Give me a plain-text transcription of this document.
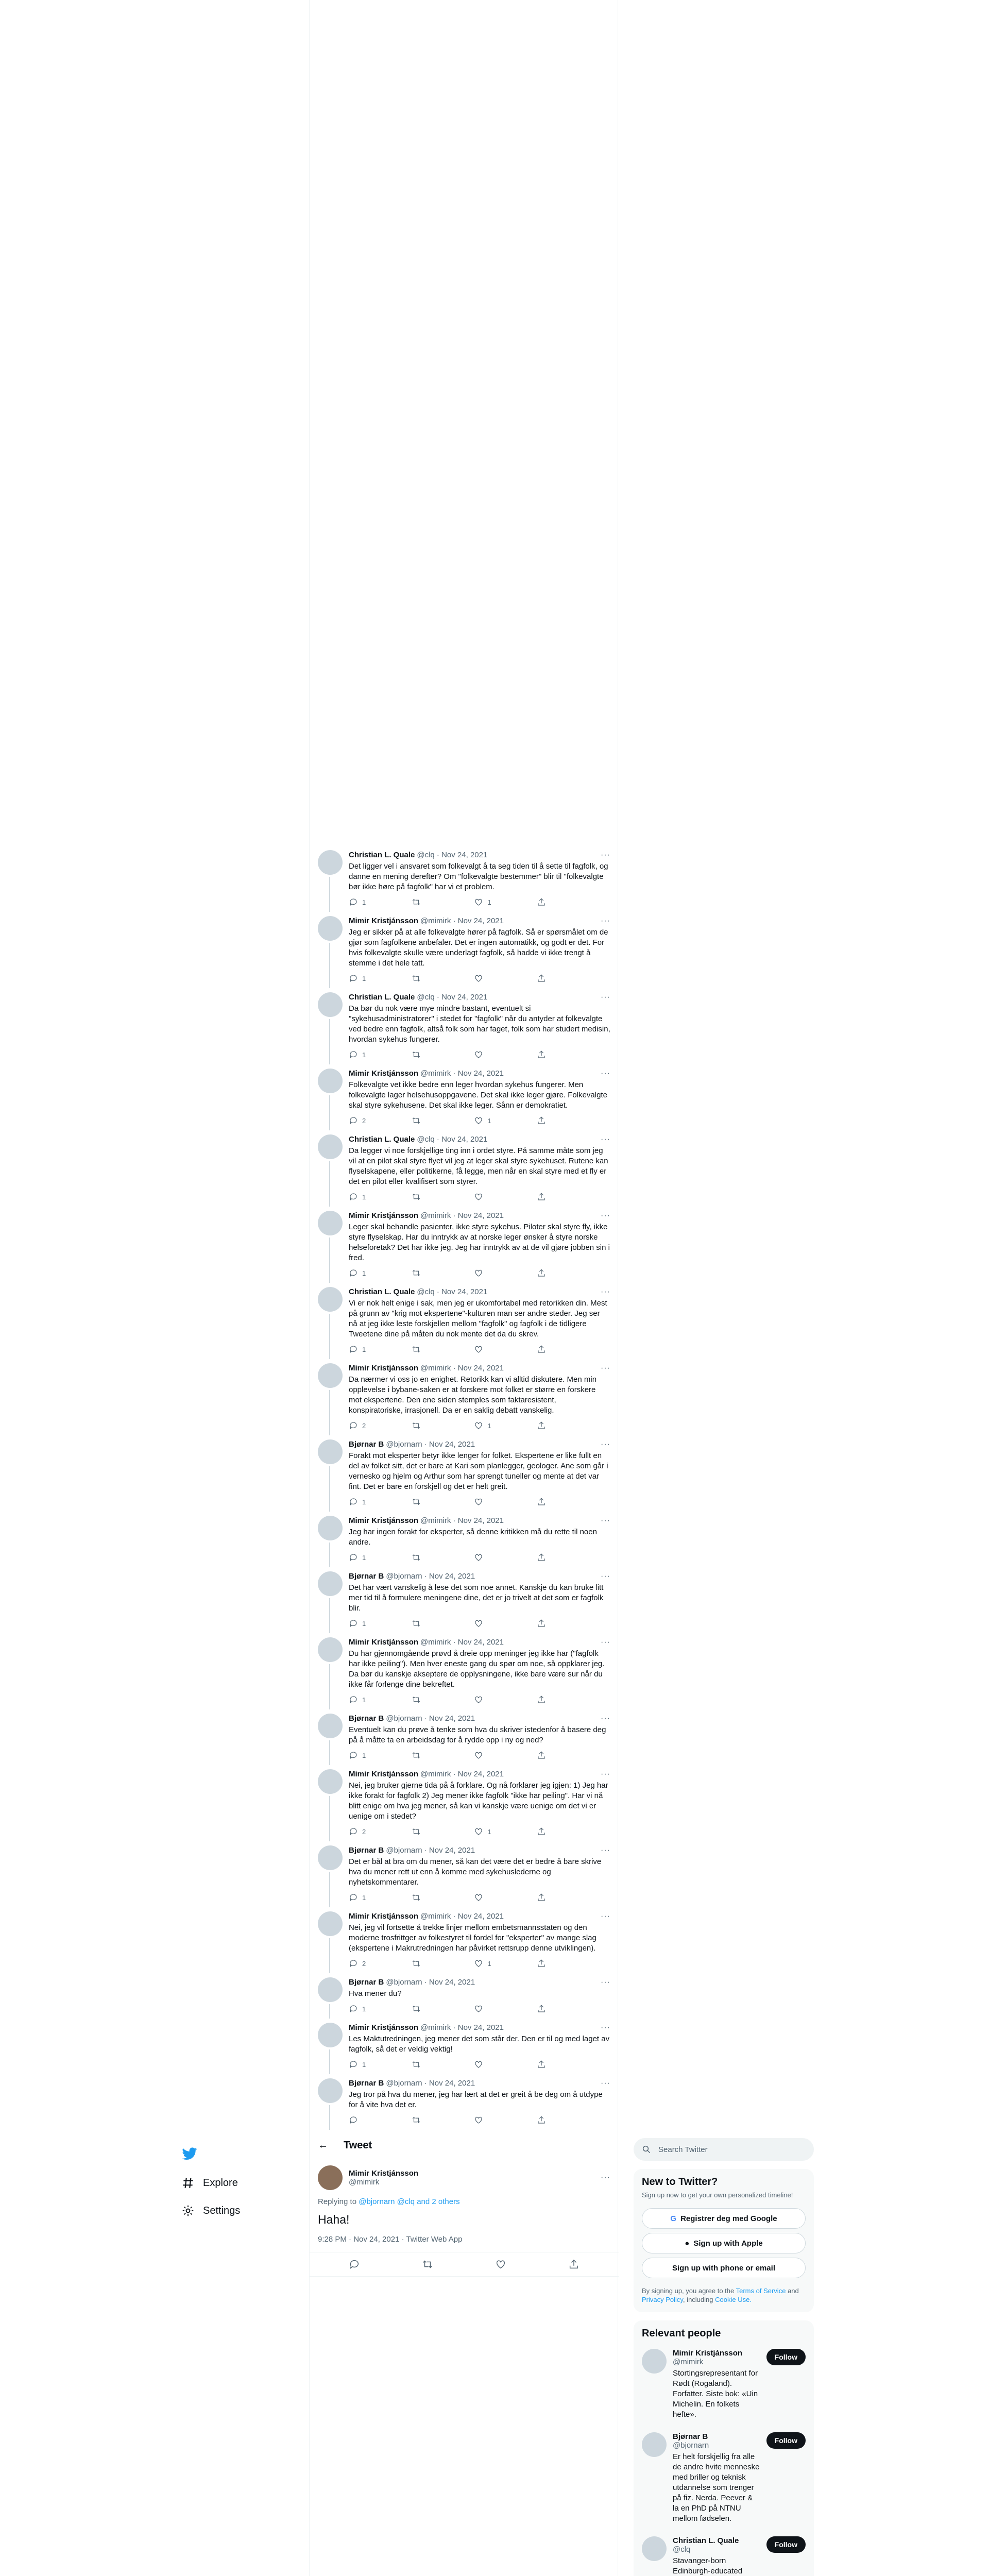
Explore
Settings
Christian L. Quale @clq · Nov 24, 2021	···
Det ligger vel i ansvaret som folkevalgt å ta seg tiden til å sette til fagfolk, og danne en mening derefter? Om "folkevalgte bestemmer" blir til "folkevalgte bør ikke høre på fagfolk" har vi et problem.
1	1
Mimir Kristjánsson @mimirk · Nov 24, 2021	···
Jeg er sikker på at alle folkevalgte hører på fagfolk. Så er spørsmålet om de gjør som fagfolkene anbefaler. Det er ingen automatikk, og godt er det. For hvis folkevalgte skulle være underlagt fagfolk, så hadde vi ikke trengt å stemme i det hele tatt.
1
Christian L. Quale @clq · Nov 24, 2021	···
Da bør du nok være mye mindre bastant, eventuelt si "sykehusadministratorer" i stedet for "fagfolk" når du antyder at folkevalgte ved bedre enn fagfolk, altså folk som har faget, folk som har studert medisin, hvordan sykehus fungerer.
1
Mimir Kristjánsson @mimirk · Nov 24, 2021	···
Folkevalgte vet ikke bedre enn leger hvordan sykehus fungerer. Men folkevalgte lager helsehusoppgavene. Det skal ikke leger gjøre. Folkevalgte skal styre sykehusene. Det skal ikke leger. Sånn er demokratiet.
2	1
Christian L. Quale @clq · Nov 24, 2021	···
Da legger vi noe forskjellige ting inn i ordet styre. På samme måte som jeg vil at en pilot skal styre flyet vil jeg at leger skal styre sykehuset. Rutene kan flyselskapene, eller politikerne, få legge, men når en skal styre med et fly er det en pilot eller kvalifisert som styrer.
1
Mimir Kristjánsson @mimirk · Nov 24, 2021	···
Leger skal behandle pasienter, ikke styre sykehus. Piloter skal styre fly, ikke styre flyselskap. Har du inntrykk av at norske leger ønsker å styre norske helseforetak? Det har ikke jeg. Jeg har inntrykk av at de vil gjøre jobben sin i fred.
1
Christian L. Quale @clq · Nov 24, 2021	···
Vi er nok helt enige i sak, men jeg er ukomfortabel med retorikken din. Mest på grunn av "krig mot ekspertene"-kulturen man ser andre steder. Jeg ser nå at jeg ikke leste forskjellen mellom "fagfolk" og fagfolk i de tidligere Tweetene dine på måten du nok mente det da du skrev.
1
Mimir Kristjánsson @mimirk · Nov 24, 2021	···
Da nærmer vi oss jo en enighet. Retorikk kan vi alltid diskutere. Men min opplevelse i bybane-saken er at forskere mot folket er større en forskere mot ekspertene. Den ene siden stemples som faktaresistent, konspiratoriske, irrasjonell. Da er en saklig debatt vanskelig.
2	1
Bjørnar B @bjornarn · Nov 24, 2021	···
Forakt mot eksperter betyr ikke lenger for folket. Ekspertene er like fullt en del av folket sitt, det er bare at Kari som planlegger, geologer. Ane som går i vernesko og hjelm og Arthur som har sprengt tuneller og mente at det var fint. Det er bare en forskjell og det er helt greit.
1
Mimir Kristjánsson @mimirk · Nov 24, 2021	···
Jeg har ingen forakt for eksperter, så denne kritikken må du rette til noen andre.
1
Bjørnar B @bjornarn · Nov 24, 2021	···
Det har vært vanskelig å lese det som noe annet. Kanskje du kan bruke litt mer tid til å formulere meningene dine, det er jo trivelt at det som er fagfolk blir.
1
Mimir Kristjánsson @mimirk · Nov 24, 2021	···
Du har gjennomgående prøvd å dreie opp meninger jeg ikke har ("fagfolk har ikke peiling"). Men hver eneste gang du spør om noe, så oppklarer jeg. Da bør du kanskje akseptere de opplysningene, ikke bare være sur når du ikke får forlenge dine bekreftet.
1
Bjørnar B @bjornarn · Nov 24, 2021	···
Eventuelt kan du prøve å tenke som hva du skriver istedenfor å basere deg på å måtte ta en arbeidsdag for å rydde opp i ny og ned?
1
Mimir Kristjánsson @mimirk · Nov 24, 2021	···
Nei, jeg bruker gjerne tida på å forklare. Og nå forklarer jeg igjen: 1) Jeg har ikke forakt for fagfolk 2) Jeg mener ikke fagfolk "ikke har peiling". Har vi nå blitt enige om hva jeg mener, så kan vi kanskje være uenige om det vi er uenige om i stedet?
2	1
Bjørnar B @bjornarn · Nov 24, 2021	···
Det er bål at bra om du mener, så kan det være det er bedre å bare skrive hva du mener rett ut enn å komme med sykehuslederne og nyhetskommentarer.
1
Mimir Kristjánsson @mimirk · Nov 24, 2021	···
Nei, jeg vil fortsette å trekke linjer mellom embetsmannsstaten og den moderne trosfrittger av folkestyret til fordel for "eksperter" av mange slag (ekspertene i Makrutredningen har påvirket rettsrupp denne utviklingen).
2	1
Bjørnar B @bjornarn · Nov 24, 2021	···
Hva mener du?
1
Mimir Kristjánsson @mimirk · Nov 24, 2021	···
Les Maktutredningen, jeg mener det som står der. Den er til og med laget av fagfolk, så det er veldig vektig!
1
Bjørnar B @bjornarn · Nov 24, 2021	···
Jeg tror på hva du mener, jeg har lært at det er greit å be deg om å utdype for å vite hva det er.
← Tweet
Mimir Kristjánsson
@mimirk
···
Replying to @bjornarn @clq and 2 others
Haha!
9:28 PM · Nov 24, 2021 · Twitter Web App
Search Twitter
New to Twitter?
Sign up now to get your own personalized timeline!
G Registrer deg med Google
● Sign up with Apple
Sign up with phone or email
By signing up, you agree to the Terms of Service and Privacy Policy, including Cookie Use.
Relevant people
Mimir Kristjánsson
@mimirk
Stortingsrepresentant for Rødt (Rogaland). Forfatter. Siste bok: «Uin Michelin. En folkets hefte».
Follow
Bjørnar B
@bjornarn
Er helt forskjellig fra alle de andre hvite menneske med briller og teknisk utdannelse som trenger på fiz. Nerda. Peever & la en PhD på NTNU mellom fødselen.
Follow
Christian L. Quale
@clq
Stavanger-born Edinburgh-educated
Follow
